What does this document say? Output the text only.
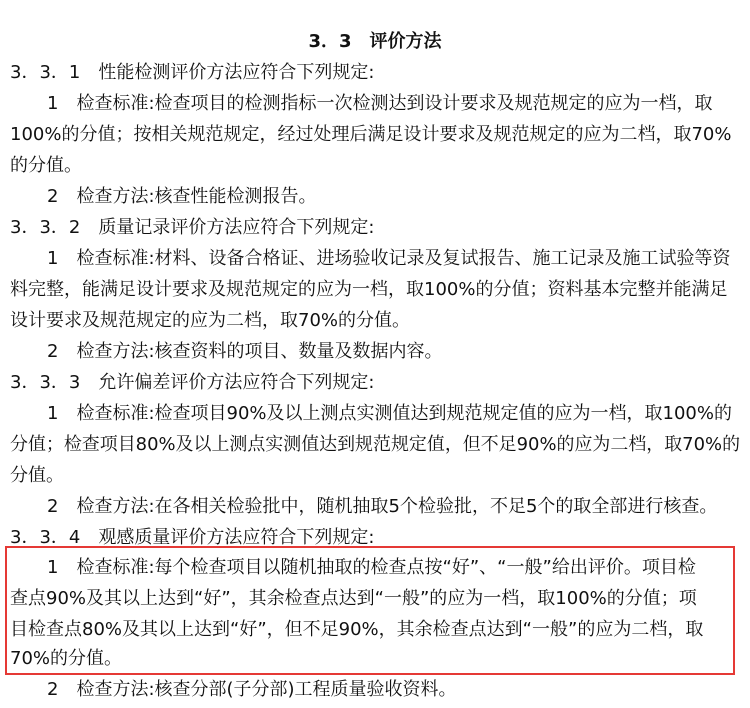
3．3　评价方法
3．3．1　性能检测评价方法应符合下列规定:
1　检查标准:检查项目的检测指标一次检测达到设计要求及规范规定的应为一档，取
100%的分值；按相关规范规定，经过处理后满足设计要求及规范规定的应为二档，取70%
的分值。
2　检查方法:核查性能检测报告。
3．3．2　质量记录评价方法应符合下列规定:
1　检查标准:材料、设备合格证、进场验收记录及复试报告、施工记录及施工试验等资
料完整，能满足设计要求及规范规定的应为一档，取100%的分值；资料基本完整并能满足
设计要求及规范规定的应为二档，取70%的分值。
2　检查方法:核查资料的项目、数量及数据内容。
3．3．3　允许偏差评价方法应符合下列规定:
1　检查标准:检查项目90%及以上测点实测值达到规范规定值的应为一档，取100%的
分值；检查项目80%及以上测点实测值达到规范规定值，但不足90%的应为二档，取70%的
分值。
2　检查方法:在各相关检验批中，随机抽取5个检验批，不足5个的取全部进行核查。
3．3．4　观感质量评价方法应符合下列规定:
1　检查标准:每个检查项目以随机抽取的检查点按“好”、“一般”给出评价。项目检
查点90%及其以上达到“好”，其余检查点达到“一般”的应为一档，取100%的分值；项
目检查点80%及其以上达到“好”，但不足90%，其余检查点达到“一般”的应为二档，取
70%的分值。
2　检查方法:核查分部(子分部)工程质量验收资料。
